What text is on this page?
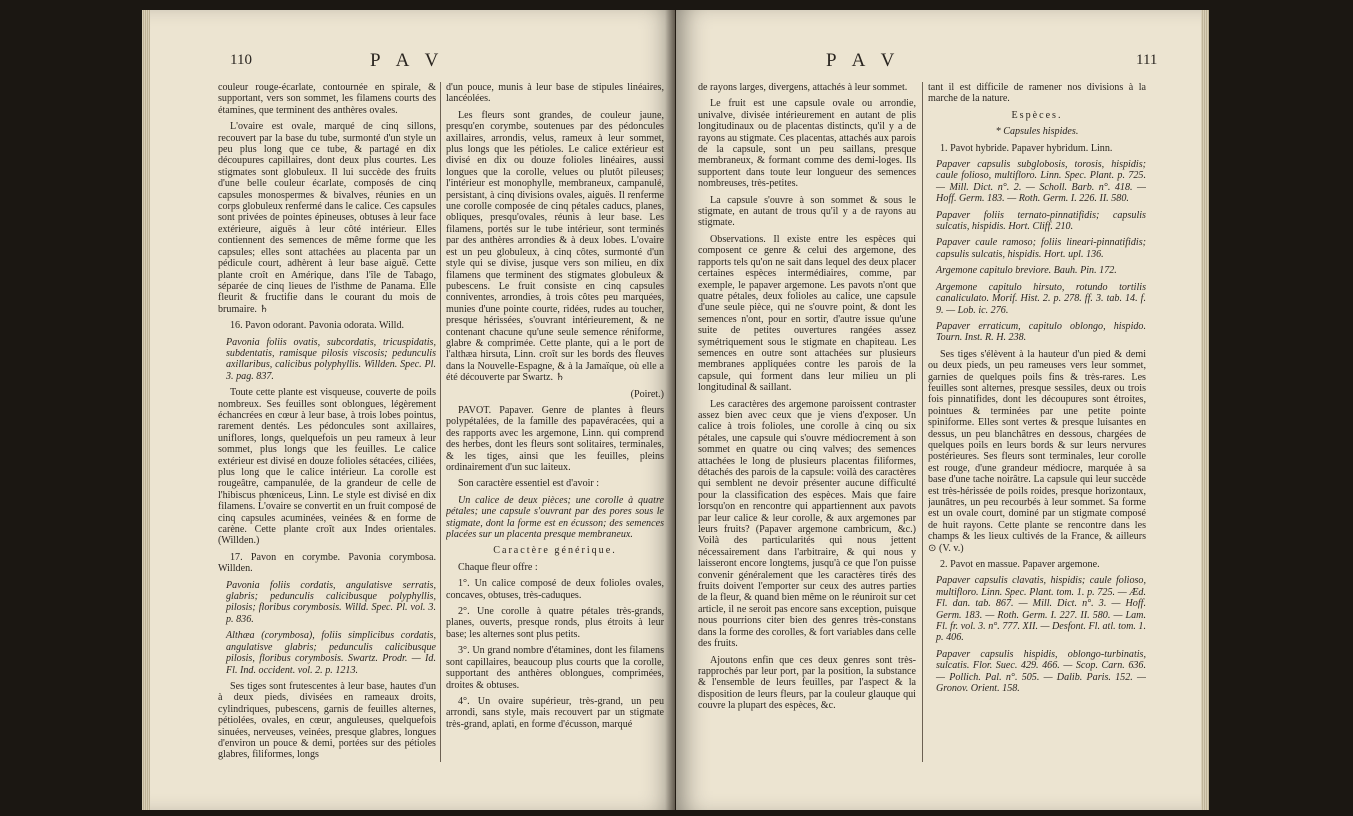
110	P A V

couleur rouge-écarlate, contournée en spirale, & supportant, vers son sommet, les filamens courts des étamines, que terminent des anthères ovales.

L'ovaire est ovale, marqué de cinq sillons, recouvert par la base du tube, surmonté d'un style un peu plus long que ce tube, & partagé en dix découpures capillaires, dont deux plus courtes. Les stigmates sont globuleux. Il lui succède des fruits d'une belle couleur écarlate, composés de cinq capsules monospermes & bivalves, réunies en un corps globuleux renfermé dans le calice. Ces capsules sont privées de pointes épineuses, obtuses à leur face extérieure, aiguës à leur côté intérieur. Elles contiennent des semences de même forme que les capsules; elles sont attachées au placenta par un pédicule court, adhèrent à leur base aiguë. Cette plante croît en Amérique, dans l'île de Tabago, séparée de cinq lieues de l'isthme de Panama. Elle fleurit & fructifie dans le courant du mois de brumaire. ♄

16. Pavon odorant. Pavonia odorata. Willd.

Pavonia foliis ovatis, subcordatis, tricuspidatis, subdentatis, ramisque pilosis viscosis; pedunculis axillaribus, calicibus polyphyllis. Willden. Spec. Pl. 3. pag. 837.

Toute cette plante est visqueuse, couverte de poils nombreux. Ses feuilles sont oblongues, légèrement échancrées en cœur à leur base, à trois lobes pointus, rarement dentés. Les pédoncules sont axillaires, uniflores, longs, quelquefois un peu rameux à leur sommet, plus longs que les feuilles. Le calice extérieur est divisé en douze folioles sétacées, ciliées, plus long que le calice intérieur. La corolle est rougeâtre, campanulée, de la grandeur de celle de l'hibiscus phœniceus, Linn. Le style est divisé en dix filamens. L'ovaire se convertit en un fruit composé de cinq capsules acuminées, veinées & en forme de carène. Cette plante croît aux Indes orientales. (Willden.)

17. Pavon en corymbe. Pavonia corymbosa. Willden.

Pavonia foliis cordatis, angulatisve serratis, glabris; pedunculis calicibusque polyphyllis, pilosis; floribus corymbosis. Willd. Spec. Pl. vol. 3. p. 836.

Althæa (corymbosa), foliis simplicibus cordatis, angulatisve glabris; pedunculis calicibusque pilosis, floribus corymbosis. Swartz. Prodr. — Id. Fl. Ind. occident. vol. 2. p. 1213.

Ses tiges sont frutescentes à leur base, hautes d'un à deux pieds, divisées en rameaux droits, cylindriques, pubescens, garnis de feuilles alternes, pétiolées, ovales, en cœur, anguleuses, quelquefois sinuées, nerveuses, veinées, presque glabres, longues d'environ un pouce & demi, portées sur des pétioles glabres, filiformes, longs

d'un pouce, munis à leur base de stipules linéaires, lancéolées.

Les fleurs sont grandes, de couleur jaune, presqu'en corymbe, soutenues par des pédoncules axillaires, arrondis, velus, rameux à leur sommet, plus longs que les pétioles. Le calice extérieur est divisé en dix ou douze folioles linéaires, aussi longues que la corolle, velues ou plutôt pileuses; l'intérieur est monophylle, membraneux, campanulé, persistant, à cinq divisions ovales, aiguës. Il renferme une corolle composée de cinq pétales caducs, planes, obliques, presqu'ovales, réunis à leur base. Les filamens, portés sur le tube intérieur, sont terminés par des anthères arrondies & à deux lobes. L'ovaire est un peu globuleux, à cinq côtes, surmonté d'un style qui se divise, jusque vers son milieu, en dix filamens que terminent des stigmates globuleux & pubescens. Le fruit consiste en cinq capsules conniventes, arrondies, à trois côtes peu marquées, munies d'une pointe courte, ridées, rudes au toucher, presque hérissées, s'ouvrant intérieurement, & ne contenant chacune qu'une seule semence réniforme, glabre & comprimée. Cette plante, qui a le port de l'althæa hirsuta, Linn. croît sur les bords des fleuves dans la Nouvelle-Espagne, & à la Jamaïque, où elle a été découverte par Swartz. ♄

(Poiret.)

PAVOT. Papaver. Genre de plantes à fleurs polypétalées, de la famille des papavéracées, qui a des rapports avec les argemone, Linn. qui comprend des herbes, dont les fleurs sont solitaires, terminales, & les tiges, ainsi que les feuilles, pleins ordinairement d'un suc laiteux.

Son caractère essentiel est d'avoir :

Un calice de deux pièces; une corolle à quatre pétales; une capsule s'ouvrant par des pores sous le stigmate, dont la forme est en écusson; des semences placées sur un placenta presque membraneux.

Caractère générique.

Chaque fleur offre :

1°. Un calice composé de deux folioles ovales, concaves, obtuses, très-caduques.

2°. Une corolle à quatre pétales très-grands, planes, ouverts, presque ronds, plus étroits à leur base; les alternes sont plus petits.

3°. Un grand nombre d'étamines, dont les filamens sont capillaires, beaucoup plus courts que la corolle, supportant des anthères oblongues, comprimées, droites & obtuses.

4°. Un ovaire supérieur, très-grand, un peu arrondi, sans style, mais recouvert par un stigmate très-grand, aplati, en forme d'écusson, marqué

P A V	111

de rayons larges, divergens, attachés à leur sommet.

Le fruit est une capsule ovale ou arrondie, univalve, divisée intérieurement en autant de plis longitudinaux ou de placentas distincts, qu'il y a de rayons au stigmate. Ces placentas, attachés aux parois de la capsule, sont un peu saillans, presque membraneux, & formant comme des demi-loges. Ils supportent dans toute leur longueur des semences nombreuses, très-petites.

La capsule s'ouvre à son sommet & sous le stigmate, en autant de trous qu'il y a de rayons au stigmate.

Observations. Il existe entre les espèces qui composent ce genre & celui des argemone, des rapports tels qu'on ne sait dans lequel des deux placer certaines espèces intermédiaires, comme, par exemple, le papaver argemone. Les pavots n'ont que quatre pétales, deux folioles au calice, une capsule d'une seule pièce, qui ne s'ouvre point, & dont les semences n'ont, pour en sortir, d'autre issue qu'une suite de petites ouvertures rangées assez symétriquement sous le stigmate en chapiteau. Les semences en outre sont attachées sur plusieurs membranes appliquées contre les parois de la capsule, qui forment dans leur milieu un pli longitudinal & saillant.

Les caractères des argemone paroissent contraster assez bien avec ceux que je viens d'exposer. Un calice à trois folioles, une corolle à cinq ou six pétales, une capsule qui s'ouvre médiocrement à son sommet en quatre ou cinq valves; des semences attachées le long de plusieurs placentas filiformes, détachés des parois de la capsule: voilà des caractères qui semblent ne devoir présenter aucune difficulté pour la classification des espèces. Mais que faire lorsqu'on en rencontre qui appartiennent aux pavots par leur calice & leur corolle, & aux argemones par leurs fruits? (Papaver argemone cambricum, &c.) Voilà des particularités qui nous jettent nécessairement dans l'arbitraire, & qui nous y laisseront encore longtems, jusqu'à ce que l'on puisse convenir généralement que les caractères tirés des fruits doivent l'emporter sur ceux des autres parties de la fleur, & quand bien même on le réuniroit sur cet article, il ne seroit pas encore sans exception, puisque nous pourrions citer bien des genres très-constans dans la forme des corolles, & fort variables dans celle des fruits.

Ajoutons enfin que ces deux genres sont très-rapprochés par leur port, par la position, la substance & l'ensemble de leurs feuilles, par l'aspect & la disposition de leurs fleurs, par la couleur glauque qui couvre la plupart des espèces, &c.

tant il est difficile de ramener nos divisions à la marche de la nature.

Espèces.

* Capsules hispides.

1. Pavot hybride. Papaver hybridum. Linn.

Papaver capsulis subglobosis, torosis, hispidis; caule folioso, multifloro. Linn. Spec. Plant. p. 725. — Mill. Dict. n°. 2. — Scholl. Barb. n°. 418. — Hoff. Germ. 183. — Roth. Germ. I. 226. II. 580.

Papaver foliis ternato-pinnatifidis; capsulis sulcatis, hispidis. Hort. Cliff. 210.

Papaver caule ramoso; foliis lineari-pinnatifidis; capsulis sulcatis, hispidis. Hort. upl. 136.

Argemone capitulo breviore. Bauh. Pin. 172.

Argemone capitulo hirsuto, rotundo tortilis canaliculato. Morif. Hist. 2. p. 278. ff. 3. tab. 14. f. 9. — Lob. ic. 276.

Papaver erraticum, capitulo oblongo, hispido. Tourn. Inst. R. H. 238.

Ses tiges s'élèvent à la hauteur d'un pied & demi ou deux pieds, un peu rameuses vers leur sommet, garnies de quelques poils fins & très-rares. Les feuilles sont alternes, presque sessiles, deux ou trois fois pinnatifides, dont les découpures sont étroites, pointues & terminées par une petite pointe spiniforme. Elles sont vertes & presque luisantes en dessus, un peu blanchâtres en dessous, chargées de quelques poils en leurs bords & sur leurs nervures postérieures. Ses fleurs sont terminales, leur corolle est rouge, d'une grandeur médiocre, marquée à sa base d'une tache noirâtre. La capsule qui leur succède est très-hérissée de poils roides, presque horizontaux, jaunâtres, un peu recourbés à leur sommet. Sa forme est un ovale court, dominé par un stigmate composé de huit rayons. Cette plante se rencontre dans les champs & les lieux cultivés de la France, & ailleurs ⊙ (V. v.)

2. Pavot en massue. Papaver argemone.

Papaver capsulis clavatis, hispidis; caule folioso, multifloro. Linn. Spec. Plant. tom. 1. p. 725. — Æd. Fl. dan. tab. 867. — Mill. Dict. n°. 3. — Hoff. Germ. 183. — Roth. Germ. I. 227. II. 580. — Lam. Fl. fr. vol. 3. n°. 777. XII. — Desfont. Fl. atl. tom. 1. p. 406.

Papaver capsulis hispidis, oblongo-turbinatis, sulcatis. Flor. Suec. 429. 466. — Scop. Carn. 636. — Pollich. Pal. n°. 505. — Dalib. Paris. 152. — Gronov. Orient. 158.
